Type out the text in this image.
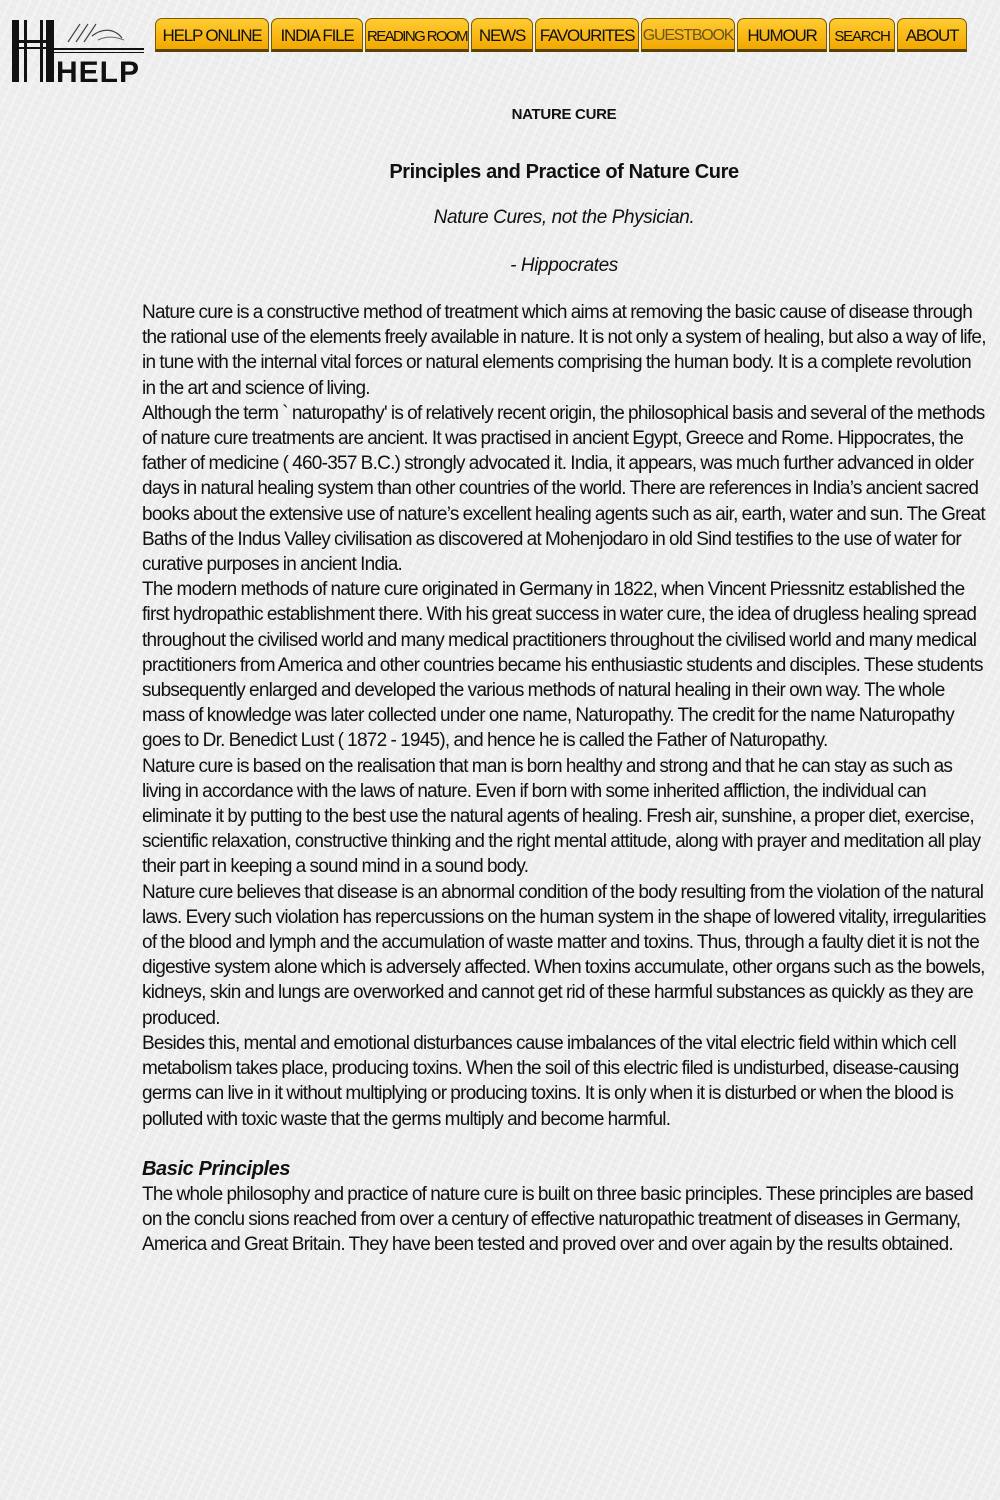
HELP
HELP ONLINE	INDIA FILE READING ROOM NEWS FAVOURITES GUESTBOOK HUMOUR	SEARCH ABOUT

NATURE CURE

Principles and Practice of Nature Cure

Nature Cures, not the Physician.

- Hippocrates

Nature cure is a constructive method of treatment which aims at removing the basic cause of disease through the rational use of the elements freely available in nature. It is not only a system of healing, but also a way of life, in tune with the internal vital forces or natural elements comprising the human body. It is a complete revolution in the art and science of living.

Although the term ` naturopathy' is of relatively recent origin, the philosophical basis and several of the methods of nature cure treatments are ancient. It was practised in ancient Egypt, Greece and Rome. Hippocrates, the father of medicine ( 460-357 B.C.) strongly advocated it. India, it appears, was much further advanced in older days in natural healing system than other countries of the world. There are references in India’s ancient sacred books about the extensive use of nature’s excellent healing agents such as air, earth, water and sun. The Great Baths of the Indus Valley civilisation as discovered at Mohenjodaro in old Sind testifies to the use of water for curative purposes in ancient India.

The modern methods of nature cure originated in Germany in 1822, when Vincent Priessnitz established the first hydropathic establishment there. With his great success in water cure, the idea of drugless healing spread throughout the civilised world and many medical practitioners throughout the civilised world and many medical practitioners from America and other countries became his enthusiastic students and disciples. These students subsequently enlarged and developed the various methods of natural healing in their own way. The whole mass of knowledge was later collected under one name, Naturopathy. The credit for the name Naturopathy goes to Dr. Benedict Lust ( 1872 - 1945), and hence he is called the Father of Naturopathy.

Nature cure is based on the realisation that man is born healthy and strong and that he can stay as such as living in accordance with the laws of nature. Even if born with some inherited affliction, the individual can eliminate it by putting to the best use the natural agents of healing. Fresh air, sunshine, a proper diet, exercise, scientific relaxation, constructive thinking and the right mental attitude, along with prayer and meditation all play their part in keeping a sound mind in a sound body.

Nature cure believes that disease is an abnormal condition of the body resulting from the violation of the natural laws. Every such violation has repercussions on the human system in the shape of lowered vitality, irregularities of the blood and lymph and the accumulation of waste matter and toxins. Thus, through a faulty diet it is not the digestive system alone which is adversely affected. When toxins accumulate, other organs such as the bowels, kidneys, skin and lungs are overworked and cannot get rid of these harmful substances as quickly as they are produced.

Besides this, mental and emotional disturbances cause imbalances of the vital electric field within which cell metabolism takes place, producing toxins. When the soil of this electric filed is undisturbed, disease-causing germs can live in it without multiplying or producing toxins. It is only when it is disturbed or when the blood is polluted with toxic waste that the germs multiply and become harmful.

Basic Principles

The whole philosophy and practice of nature cure is built on three basic principles. These principles are based on the conclu sions reached from over a century of effective naturopathic treatment of diseases in Germany, America and Great Britain. They have been tested and proved over and over again by the results obtained.
